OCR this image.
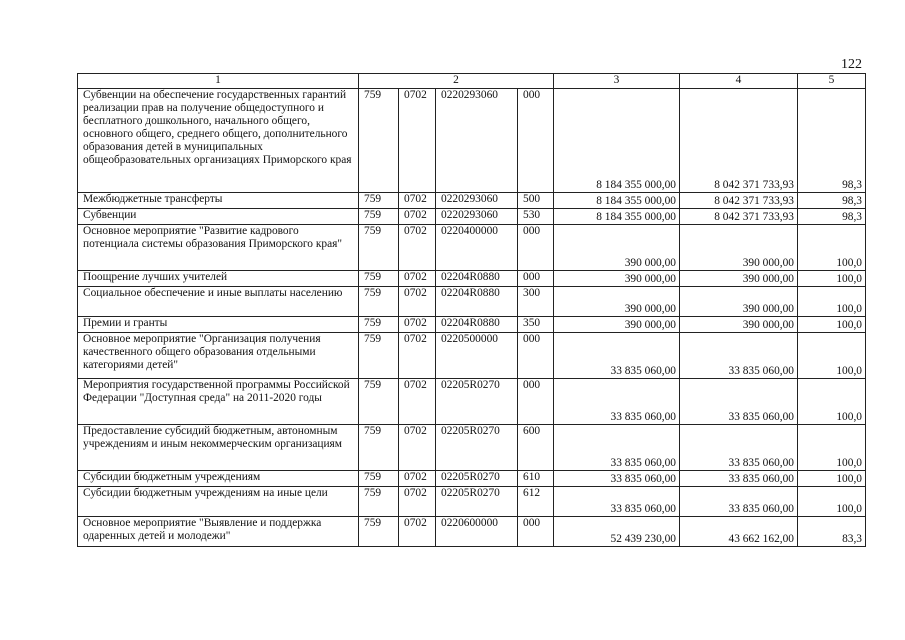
122
1	2				3	4	5
Субвенции на обеспечение государственных гарантий реализации прав на получение общедоступного и бесплатного дошкольного, начального общего, основного общего, среднего общего, дополнительного образования детей в муниципальных общеобразовательных организациях Приморского края	759	0702	0220293060	000	8 184 355 000,00	8 042 371 733,93	98,3
Межбюджетные трансферты	759	0702	0220293060	500	8 184 355 000,00	8 042 371 733,93	98,3
Субвенции	759	0702	0220293060	530	8 184 355 000,00	8 042 371 733,93	98,3
Основное мероприятие "Развитие кадрового потенциала системы образования Приморского края"	759	0702	0220400000	000	390 000,00	390 000,00	100,0
Поощрение лучших учителей	759	0702	02204R0880	000	390 000,00	390 000,00	100,0
Социальное обеспечение и иные выплаты населению	759	0702	02204R0880	300	390 000,00	390 000,00	100,0
Премии и гранты	759	0702	02204R0880	350	390 000,00	390 000,00	100,0
Основное мероприятие "Организация получения качественного общего образования отдельными категориями детей"	759	0702	0220500000	000	33 835 060,00	33 835 060,00	100,0
Мероприятия государственной программы Российской Федерации "Доступная среда" на 2011-2020 годы	759	0702	02205R0270	000	33 835 060,00	33 835 060,00	100,0
Предоставление субсидий бюджетным, автономным учреждениям и иным некоммерческим организациям	759	0702	02205R0270	600	33 835 060,00	33 835 060,00	100,0
Субсидии бюджетным учреждениям	759	0702	02205R0270	610	33 835 060,00	33 835 060,00	100,0
Субсидии бюджетным учреждениям на иные цели	759	0702	02205R0270	612	33 835 060,00	33 835 060,00	100,0
Основное мероприятие "Выявление и поддержка одаренных детей и молодежи"	759	0702	0220600000	000	52 439 230,00	43 662 162,00	83,3
